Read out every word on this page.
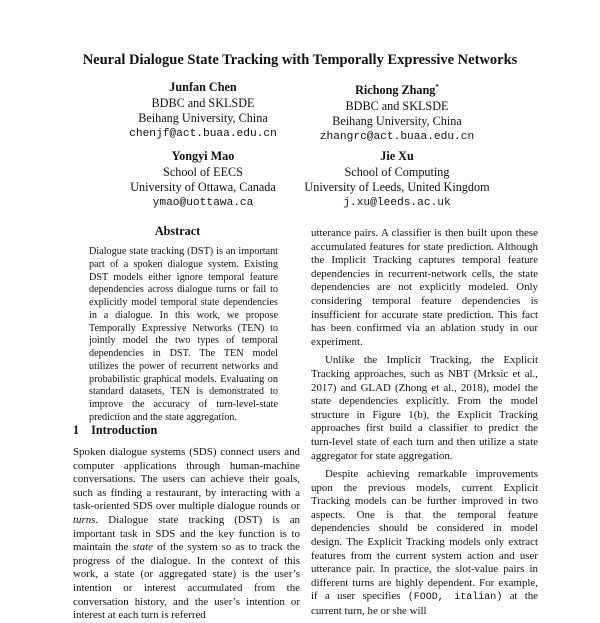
Neural Dialogue State Tracking with Temporally Expressive Networks
Junfan Chen
BDBC and SKLSDE
Beihang University, China
chenjf@act.buaa.edu.cn
Richong Zhang*
BDBC and SKLSDE
Beihang University, China
zhangrc@act.buaa.edu.cn
Yongyi Mao
School of EECS
University of Ottawa, Canada
ymao@uottawa.ca
Jie Xu
School of Computing
University of Leeds, United Kingdom
j.xu@leeds.ac.uk
Abstract
Dialogue state tracking (DST) is an important part of a spoken dialogue system. Existing DST models either ignore temporal feature dependencies across dialogue turns or fail to explicitly model temporal state dependencies in a dialogue. In this work, we propose Temporally Expressive Networks (TEN) to jointly model the two types of temporal dependencies in DST. The TEN model utilizes the power of recurrent networks and probabilistic graphical models. Evaluating on standard datasets, TEN is demonstrated to improve the accuracy of turn-level-state prediction and the state aggregation.
1 Introduction

Spoken dialogue systems (SDS) connect users and computer applications through human-machine conversations. The users can achieve their goals, such as finding a restaurant, by interacting with a task-oriented SDS over multiple dialogue rounds or turns. Dialogue state tracking (DST) is an important task in SDS and the key function is to maintain the state of the system so as to track the progress of the dialogue. In the context of this work, a state (or aggregated state) is the user’s intention or interest accumulated from the conversation history, and the user’s intention or interest at each turn is referred

utterance pairs. A classifier is then built upon these accumulated features for state prediction. Although the Implicit Tracking captures temporal feature dependencies in recurrent-network cells, the state dependencies are not explicitly modeled. Only considering temporal feature dependencies is insufficient for accurate state prediction. This fact has been confirmed via an ablation study in our experiment.

Unlike the Implicit Tracking, the Explicit Tracking approaches, such as NBT (Mrksic et al., 2017) and GLAD (Zhong et al., 2018), model the state dependencies explicitly. From the model structure in Figure 1(b), the Explicit Tracking approaches first build a classifier to predict the turn-level state of each turn and then utilize a state aggregator for state aggregation.

Despite achieving remarkable improvements upon the previous models, current Explicit Tracking models can be further improved in two aspects. One is that the temporal feature dependencies should be considered in model design. The Explicit Tracking models only extract features from the current system action and user utterance pair. In practice, the slot-value pairs in different turns are highly dependent. For example, if a user specifies (FOOD, italian) at the current turn, he or she will
